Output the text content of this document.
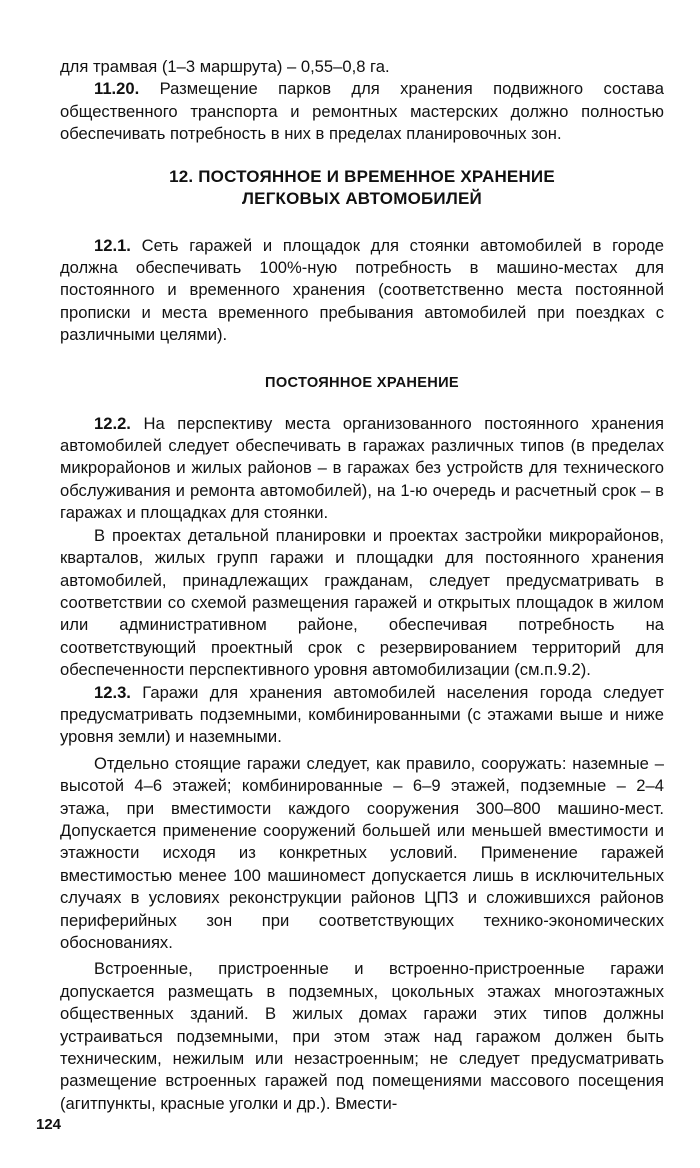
для трамвая (1–3 маршрута) – 0,55–0,8 га.

11.20. Размещение парков для хранения подвижного состава общественного транспорта и ремонтных мастерских должно полностью обеспечивать потребность в них в пределах планировочных зон.

12. ПОСТОЯННОЕ И ВРЕМЕННОЕ ХРАНЕНИЕ
ЛЕГКОВЫХ АВТОМОБИЛЕЙ

12.1. Сеть гаражей и площадок для стоянки автомобилей в городе должна обеспечивать 100%-ную потребность в машино-местах для постоянного и временного хранения (соответственно места постоянной прописки и места временного пребывания автомобилей при поездках с различными целями).

ПОСТОЯННОЕ ХРАНЕНИЕ

12.2. На перспективу места организованного постоянного хранения автомобилей следует обеспечивать в гаражах различных типов (в пределах микрорайонов и жилых районов – в гаражах без устройств для технического обслуживания и ремонта автомобилей), на 1-ю очередь и расчетный срок – в гаражах и площадках для стоянки.

В проектах детальной планировки и проектах застройки микрорайонов, кварталов, жилых групп гаражи и площадки для постоянного хранения автомобилей, принадлежащих гражданам, следует предусматривать в соответствии со схемой размещения гаражей и открытых площадок в жилом или административном районе, обеспечивая потребность на соответствующий проектный срок с резервированием территорий для обеспеченности перспективного уровня автомобилизации (см.п.9.2).

12.3. Гаражи для хранения автомобилей населения города следует предусматривать подземными, комбинированными (с этажами выше и ниже уровня земли) и наземными.

Отдельно стоящие гаражи следует, как правило, сооружать: наземные – высотой 4–6 этажей; комбинированные – 6–9 этажей, подземные – 2–4 этажа, при вместимости каждого сооружения 300–800 машино-мест. Допускается применение сооружений большей или меньшей вместимости и этажности исходя из конкретных условий. Применение гаражей вместимостью менее 100 машиномест допускается лишь в исключительных случаях в условиях реконструкции районов ЦПЗ и сложившихся районов периферийных зон при соответствующих технико-экономических обоснованиях.

Встроенные, пристроенные и встроенно-пристроенные гаражи допускается размещать в подземных, цокольных этажах многоэтажных общественных зданий. В жилых домах гаражи этих типов должны устраиваться подземными, при этом этаж над гаражом должен быть техническим, нежилым или незастроенным; не следует предусматривать размещение встроенных гаражей под помещениями массового посещения (агитпункты, красные уголки и др.). Вмести-

124
